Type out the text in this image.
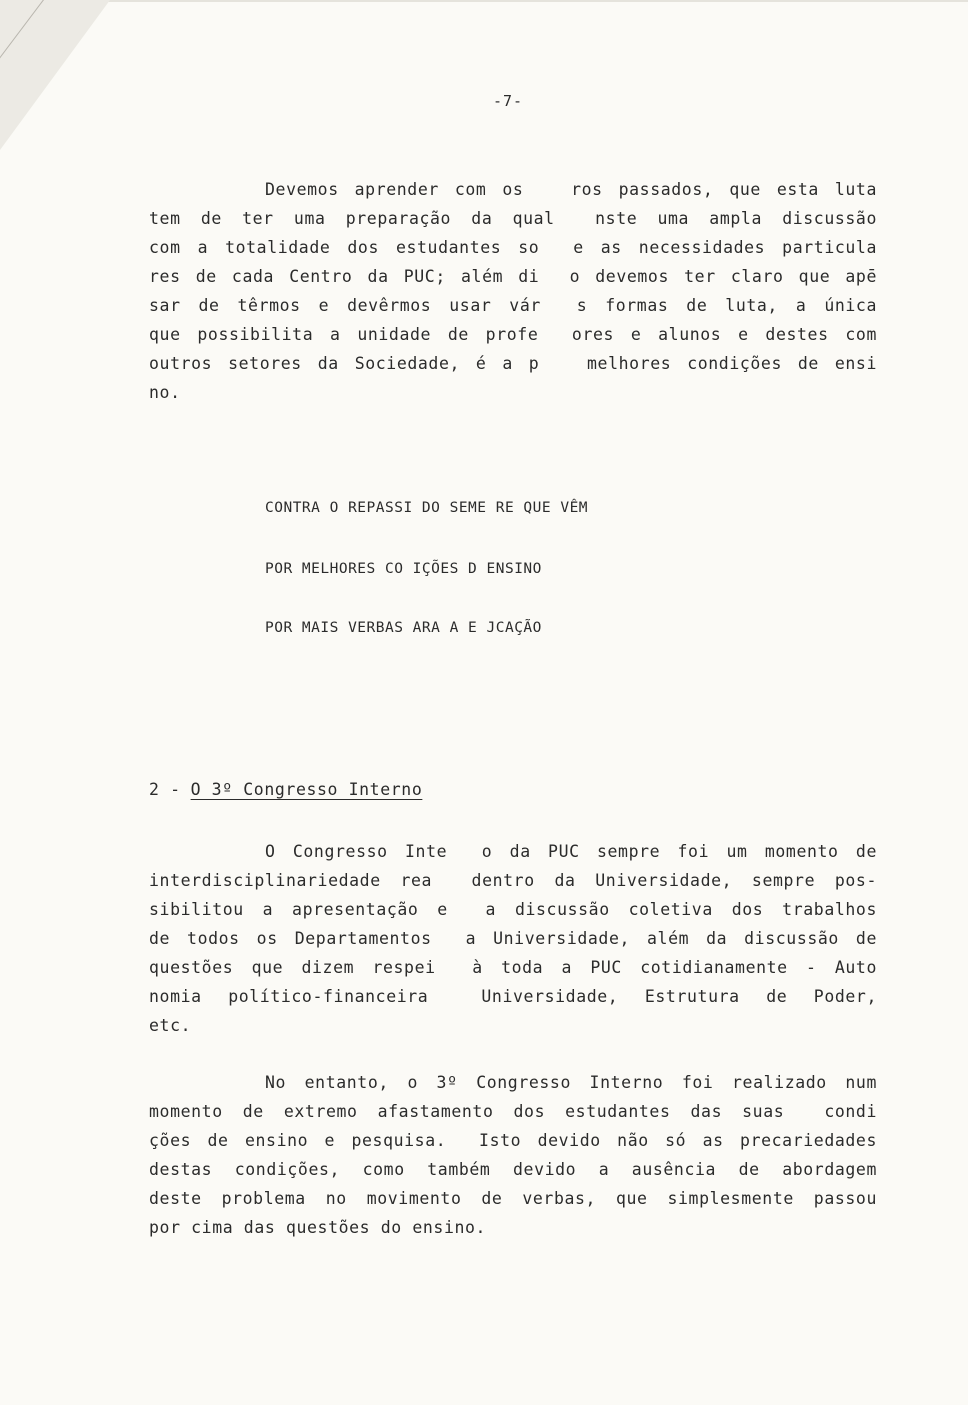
-7-
Devemos aprender com os   ros passados, que esta luta
tem de ter uma preparação da qual  nste uma ampla discussão
com a totalidade dos estudantes so  e as necessidades particula
res de cada Centro da PUC; além di  o devemos ter claro que apē
sar de têrmos e devêrmos usar vár  s formas de luta, a única
que possibilita a unidade de profe  ores e alunos e destes com
outros setores da Sociedade, é a p   melhores condições de ensi
no.
CONTRA O REPASSI DO SEME RE QUE VÊM
POR MELHORES CO IÇÕES D ENSINO
POR MAIS VERBAS ARA A E JCAÇÃO
2 - O 3º Congresso Interno
O Congresso Inte  o da PUC sempre foi um momento de
interdisciplinariedade rea  dentro da Universidade, sempre pos-
sibilitou a apresentação e  a discussão coletiva dos trabalhos
de todos os Departamentos  a Universidade, além da discussão de
questões que dizem respei  à toda a PUC cotidianamente - Auto
nomia político-financeira  Universidade, Estrutura de Poder,
etc.
No entanto, o 3º Congresso Interno foi realizado num
momento de extremo afastamento dos estudantes das suas  condi
ções de ensino e pesquisa.  Isto devido não só as precariedades
destas condições, como também devido a ausência de abordagem
deste problema no movimento de verbas, que simplesmente passou
por cima das questões do ensino.
